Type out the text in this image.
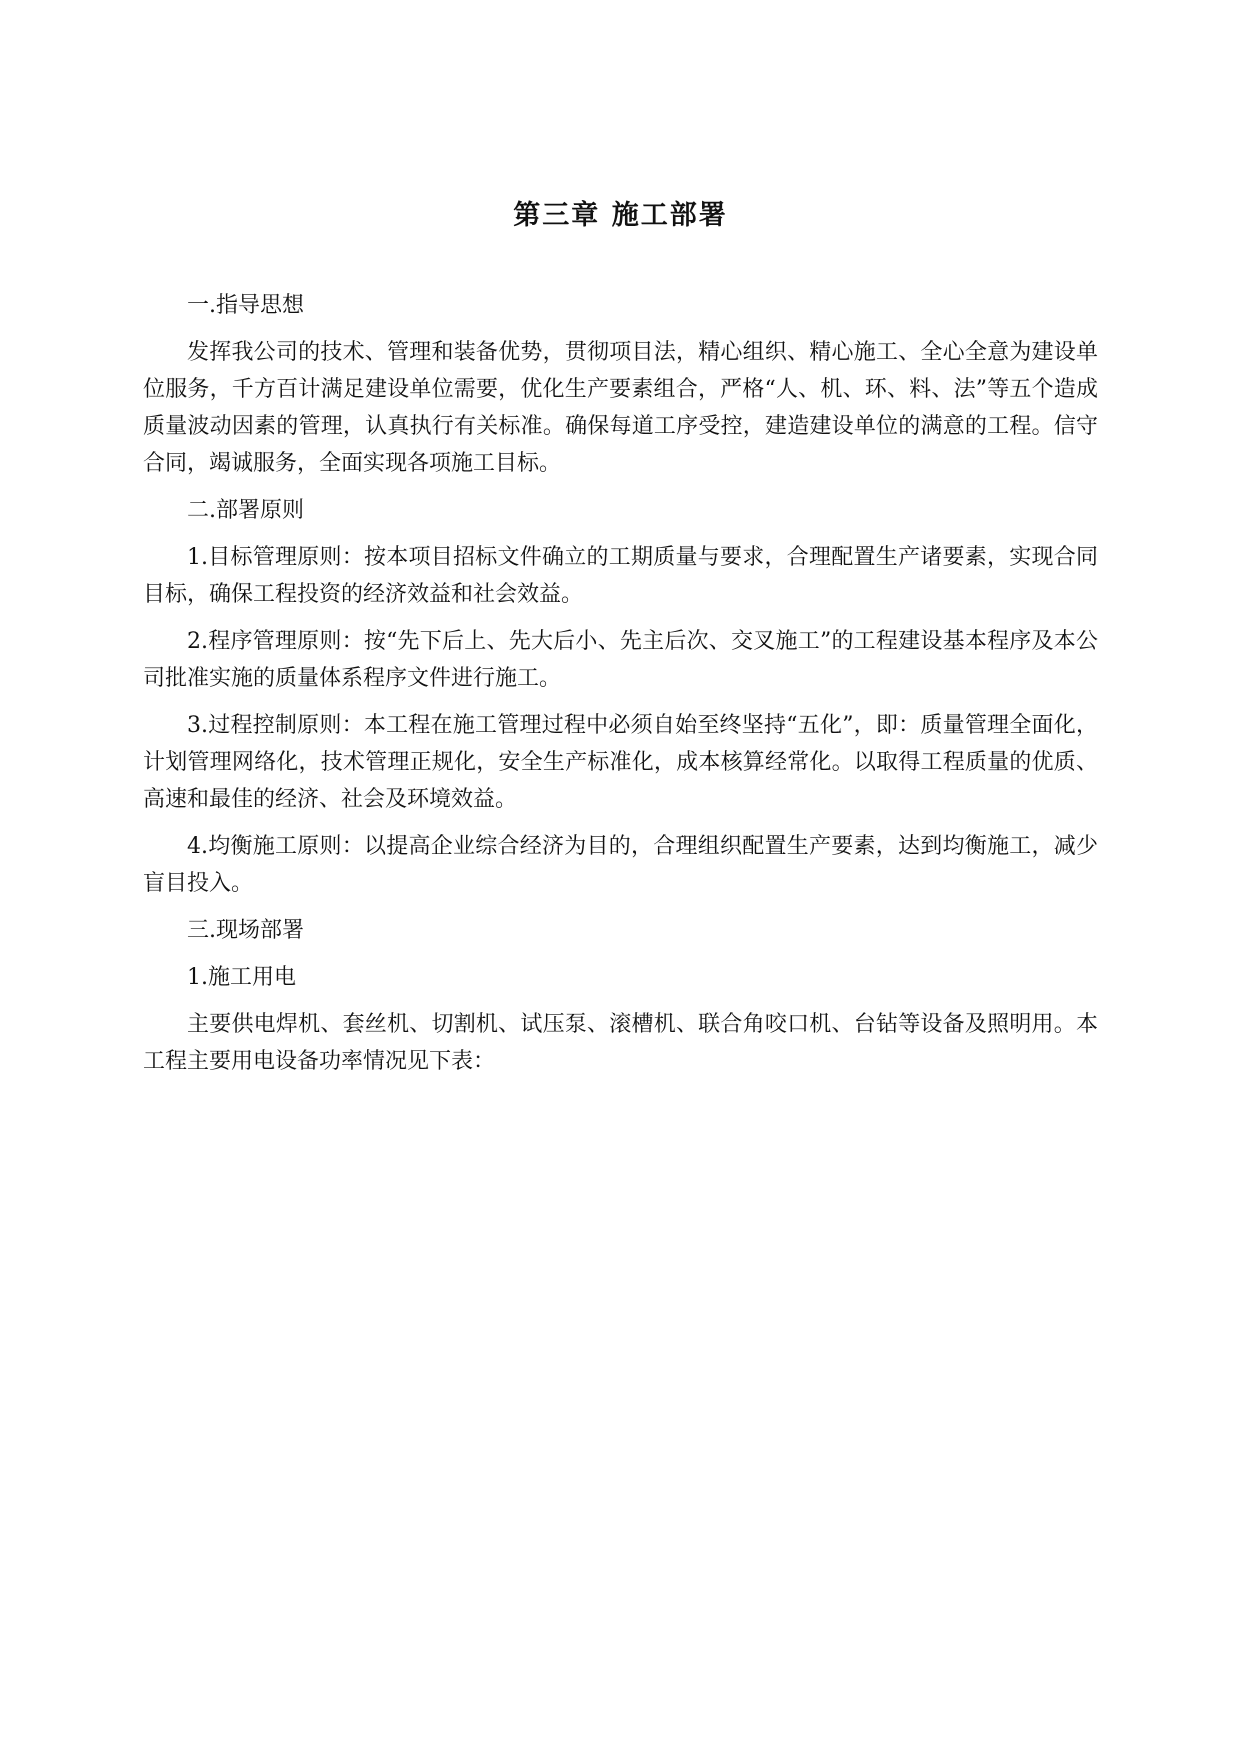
第三章 施工部署

一.指导思想

发挥我公司的技术、管理和装备优势，贯彻项目法，精心组织、精心施工、全心全意为建设单位服务，千方百计满足建设单位需要，优化生产要素组合，严格“人、机、环、料、法”等五个造成质量波动因素的管理，认真执行有关标准。确保每道工序受控，建造建设单位的满意的工程。信守合同，竭诚服务，全面实现各项施工目标。

二.部署原则

1.目标管理原则：按本项目招标文件确立的工期质量与要求，合理配置生产诸要素，实现合同目标，确保工程投资的经济效益和社会效益。

2.程序管理原则：按“先下后上、先大后小、先主后次、交叉施工”的工程建设基本程序及本公司批准实施的质量体系程序文件进行施工。

3.过程控制原则：本工程在施工管理过程中必须自始至终坚持“五化”，即：质量管理全面化，计划管理网络化，技术管理正规化，安全生产标准化，成本核算经常化。以取得工程质量的优质、高速和最佳的经济、社会及环境效益。

4.均衡施工原则：以提高企业综合经济为目的，合理组织配置生产要素，达到均衡施工，减少盲目投入。

三.现场部署

1.施工用电

主要供电焊机、套丝机、切割机、试压泵、滚槽机、联合角咬口机、台钻等设备及照明用。本工程主要用电设备功率情况见下表：
